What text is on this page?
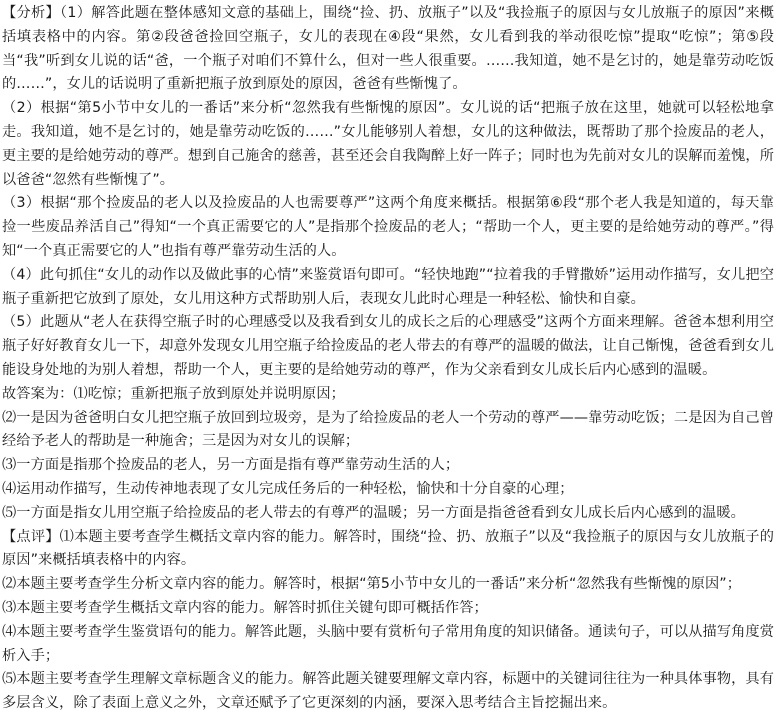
【分析】（1）解答此题在整体感知文意的基础上，围绕“捡、扔、放瓶子”以及“我捡瓶子的原因与女儿放瓶子的原因”来概括填表格中的内容。第②段爸爸捡回空瓶子，女儿的表现在④段“果然，女儿看到我的举动很吃惊”提取“吃惊”；第⑤段当“我”听到女儿说的话“爸，一个瓶子对咱们不算什么，但对一些人很重要。……我知道，她不是乞讨的，她是靠劳动吃饭的……”，女儿的话说明了重新把瓶子放到原处的原因，爸爸有些惭愧了。

（2）根据“第5小节中女儿的一番话”来分析“忽然我有些惭愧的原因”。女儿说的话“把瓶子放在这里，她就可以轻松地拿走。我知道，她不是乞讨的，她是靠劳动吃饭的……”女儿能够别人着想，女儿的这种做法，既帮助了那个捡废品的老人，更主要的是给她劳动的尊严。想到自己施舍的慈善，甚至还会自我陶醉上好一阵子；同时也为先前对女儿的误解而羞愧，所以爸爸“忽然有些惭愧了”。

（3）根据“那个捡废品的老人以及捡废品的人也需要尊严”这两个角度来概括。根据第⑥段“那个老人我是知道的，每天靠捡一些废品养活自己”得知“一个真正需要它的人”是指那个捡废品的老人；“帮助一个人，更主要的是给她劳动的尊严。”得知“一个真正需要它的人”也指有尊严靠劳动生活的人。

（4）此句抓住“女儿的动作以及做此事的心情”来鉴赏语句即可。“轻快地跑”“拉着我的手臂撒娇”运用动作描写，女儿把空瓶子重新把它放到了原处，女儿用这种方式帮助别人后，表现女儿此时心理是一种轻松、愉快和自豪。

（5）此题从“老人在获得空瓶子时的心理感受以及我看到女儿的成长之后的心理感受”这两个方面来理解。爸爸本想利用空瓶子好好教育女儿一下，却意外发现女儿用空瓶子给捡废品的老人带去的有尊严的温暖的做法，让自己惭愧，爸爸看到女儿能设身处地的为别人着想，帮助一个人，更主要的是给她劳动的尊严，作为父亲看到女儿成长后内心感到的温暖。

故答案为：⑴吃惊；重新把瓶子放到原处并说明原因；

⑵一是因为爸爸明白女儿把空瓶子放回到垃圾旁，是为了给捡废品的老人一个劳动的尊严——靠劳动吃饭；二是因为自己曾经给予老人的帮助是一种施舍；三是因为对女儿的误解；

⑶一方面是指那个捡废品的老人，另一方面是指有尊严靠劳动生活的人；

⑷运用动作描写，生动传神地表现了女儿完成任务后的一种轻松，愉快和十分自豪的心理；

⑸一方面是指女儿用空瓶子给捡废品的老人带去的有尊严的温暖；另一方面是指爸爸看到女儿成长后内心感到的温暖。

【点评】⑴本题主要考查学生概括文章内容的能力。解答时，围绕“捡、扔、放瓶子”以及“我捡瓶子的原因与女儿放瓶子的原因”来概括填表格中的内容。

⑵本题主要考查学生分析文章内容的能力。解答时，根据“第5小节中女儿的一番话”来分析“忽然我有些惭愧的原因”；

⑶本题主要考查学生概括文章内容的能力。解答时抓住关键句即可概括作答；

⑷本题主要考查学生鉴赏语句的能力。解答此题，头脑中要有赏析句子常用角度的知识储备。通读句子，可以从描写角度赏析入手；

⑸本题主要考查学生理解文章标题含义的能力。解答此题关键要理解文章内容，标题中的关键词往往为一种具体事物，具有多层含义，除了表面上意义之外，文章还赋予了它更深刻的内涵，要深入思考结合主旨挖掘出来。
